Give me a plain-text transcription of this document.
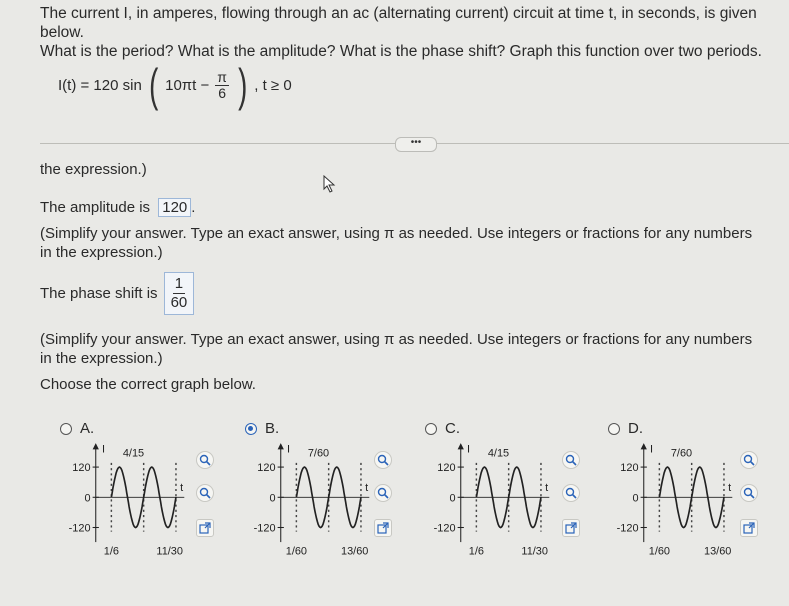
The current I, in amperes, flowing through an ac (alternating current) circuit at time t, in seconds, is given below.
What is the period? What is the amplitude? What is the phase shift? Graph this function over two periods.
I(t) = 120 sin ( $10\pi t - \frac{\pi}{6}$ ) , t ≥ 0
•••
the expression.)
The amplitude is 120 .
(Simplify your answer. Type an exact answer, using π as needed. Use integers or fractions for any numbers in the expression.)
The phase shift is $\frac{1}{60}$
(Simplify your answer. Type an exact answer, using π as needed. Use integers or fractions for any numbers in the expression.)
Choose the correct graph below.
A.
I
t
4/15
120
0
-120
1/6	11/30
B.
I
t
7/60
120
0
-120
1/60	13/60
C.
I
t
4/15
120
0
-120
1/6	11/30
D.
I
t
7/60
120
0
-120
1/60	13/60
